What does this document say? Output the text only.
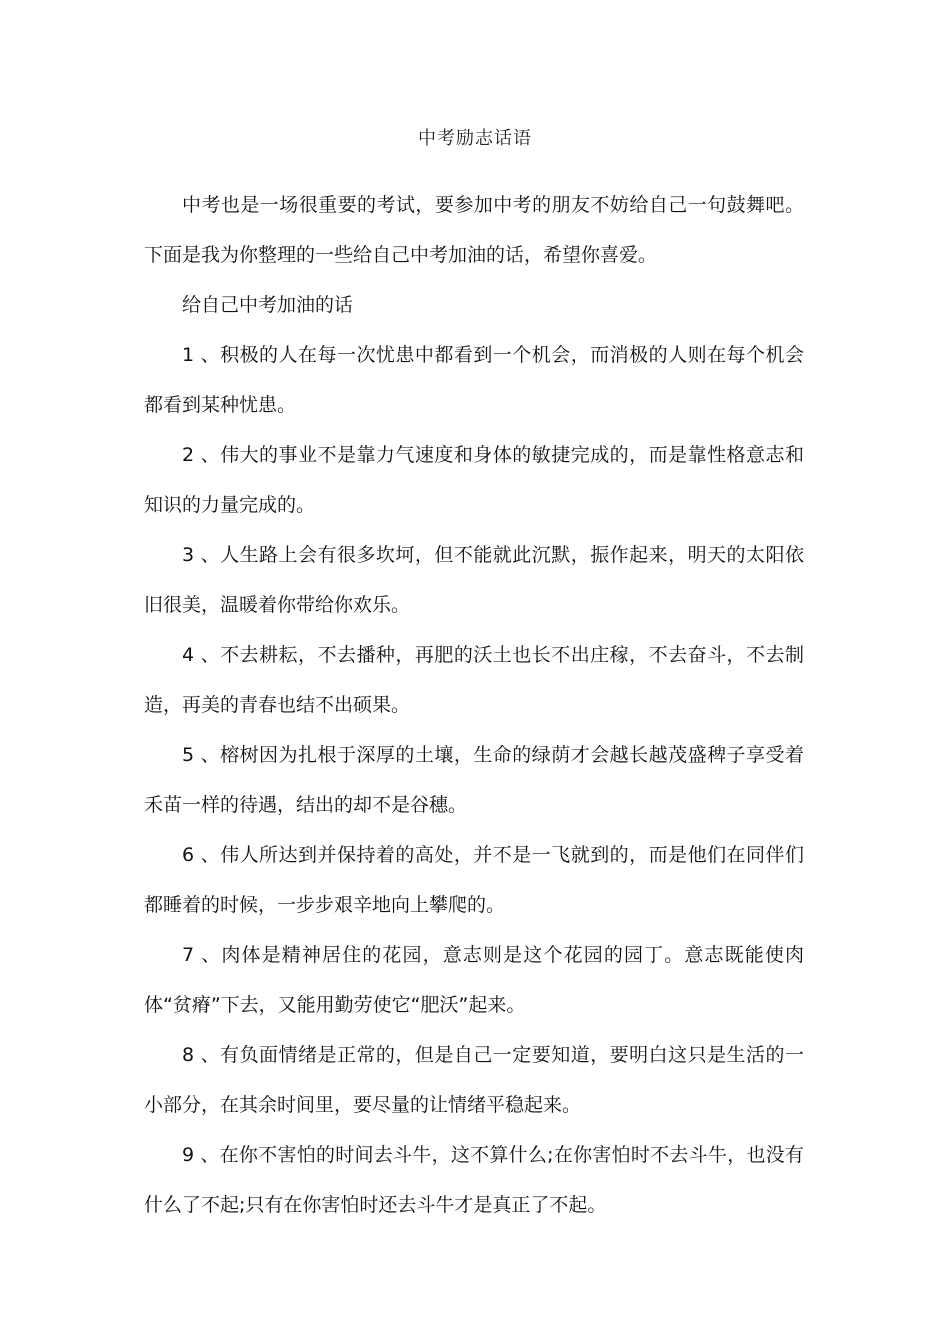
中考励志话语

中考也是一场很重要的考试，要参加中考的朋友不妨给自己一句鼓舞吧。下面是我为你整理的一些给自己中考加油的话，希望你喜爱。

给自己中考加油的话

1 、积极的人在每一次忧患中都看到一个机会，而消极的人则在每个机会都看到某种忧患。

2 、伟大的事业不是靠力气速度和身体的敏捷完成的，而是靠性格意志和知识的力量完成的。

3 、人生路上会有很多坎坷，但不能就此沉默，振作起来，明天的太阳依旧很美，温暖着你带给你欢乐。

4 、不去耕耘，不去播种，再肥的沃土也长不出庄稼，不去奋斗，不去制造，再美的青春也结不出硕果。

5 、榕树因为扎根于深厚的土壤，生命的绿荫才会越长越茂盛稗子享受着禾苗一样的待遇，结出的却不是谷穗。

6 、伟人所达到并保持着的高处，并不是一飞就到的，而是他们在同伴们都睡着的时候，一步步艰辛地向上攀爬的。

7 、肉体是精神居住的花园，意志则是这个花园的园丁。意志既能使肉体“贫瘠”下去，又能用勤劳使它“肥沃”起来。

8 、有负面情绪是正常的，但是自己一定要知道，要明白这只是生活的一小部分，在其余时间里，要尽量的让情绪平稳起来。

9 、在你不害怕的时间去斗牛，这不算什么;在你害怕时不去斗牛，也没有什么了不起;只有在你害怕时还去斗牛才是真正了不起。
